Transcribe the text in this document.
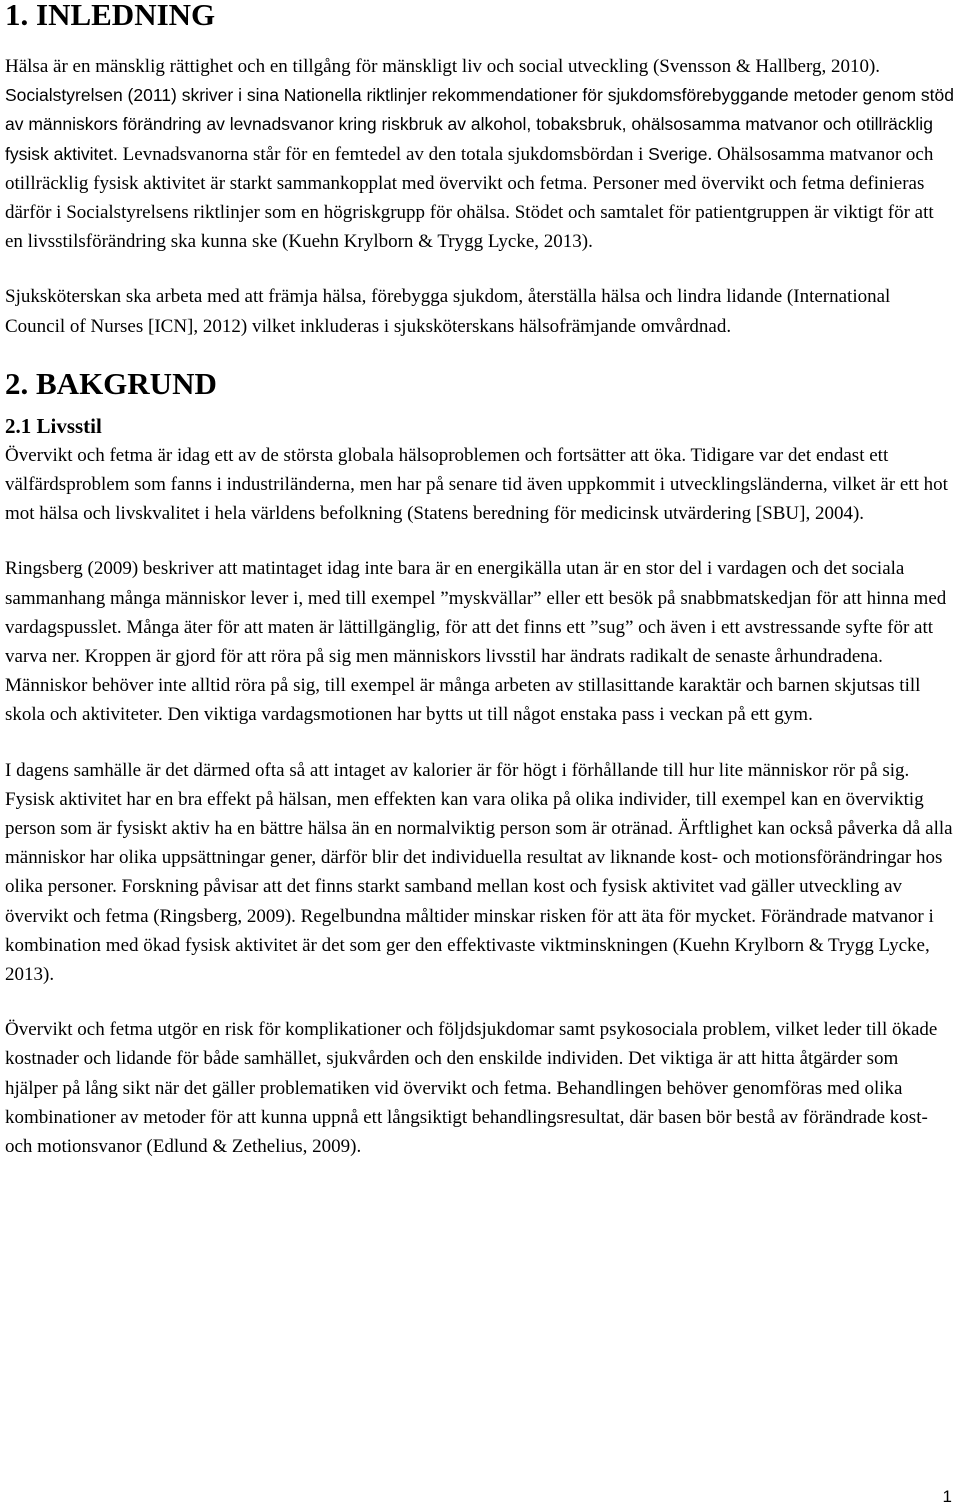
1. INLEDNING

Hälsa är en mänsklig rättighet och en tillgång för mänskligt liv och social utveckling (Svensson & Hallberg, 2010). Socialstyrelsen (2011) skriver i sina Nationella riktlinjer rekommendationer för sjukdomsförebyggande metoder genom stöd av människors förändring av levnadsvanor kring riskbruk av alkohol, tobaksbruk, ohälsosamma matvanor och otillräcklig fysisk aktivitet. Levnadsvanorna står för en femtedel av den totala sjukdomsbördan i Sverige. Ohälsosamma matvanor och otillräcklig fysisk aktivitet är starkt sammankopplat med övervikt och fetma. Personer med övervikt och fetma definieras därför i Socialstyrelsens riktlinjer som en högriskgrupp för ohälsa. Stödet och samtalet för patientgruppen är viktigt för att en livsstilsförändring ska kunna ske (Kuehn Krylborn & Trygg Lycke, 2013).

Sjuksköterskan ska arbeta med att främja hälsa, förebygga sjukdom, återställa hälsa och lindra lidande (International Council of Nurses [ICN], 2012) vilket inkluderas i sjuksköterskans hälsofrämjande omvårdnad.

2. BAKGRUND
2.1 Livsstil

Övervikt och fetma är idag ett av de största globala hälsoproblemen och fortsätter att öka. Tidigare var det endast ett välfärdsproblem som fanns i industriländerna, men har på senare tid även uppkommit i utvecklingsländerna, vilket är ett hot mot hälsa och livskvalitet i hela världens befolkning (Statens beredning för medicinsk utvärdering [SBU], 2004).

Ringsberg (2009) beskriver att matintaget idag inte bara är en energikälla utan är en stor del i vardagen och det sociala sammanhang många människor lever i, med till exempel ”myskvällar” eller ett besök på snabbmatskedjan för att hinna med vardagspusslet. Många äter för att maten är lättillgänglig, för att det finns ett ”sug” och även i ett avstressande syfte för att varva ner. Kroppen är gjord för att röra på sig men människors livsstil har ändrats radikalt de senaste århundradena. Människor behöver inte alltid röra på sig, till exempel är många arbeten av stillasittande karaktär och barnen skjutsas till skola och aktiviteter. Den viktiga vardagsmotionen har bytts ut till något enstaka pass i veckan på ett gym.

I dagens samhälle är det därmed ofta så att intaget av kalorier är för högt i förhållande till hur lite människor rör på sig. Fysisk aktivitet har en bra effekt på hälsan, men effekten kan vara olika på olika individer, till exempel kan en överviktig person som är fysiskt aktiv ha en bättre hälsa än en normalviktig person som är otränad. Ärftlighet kan också påverka då alla människor har olika uppsättningar gener, därför blir det individuella resultat av liknande kost- och motionsförändringar hos olika personer. Forskning påvisar att det finns starkt samband mellan kost och fysisk aktivitet vad gäller utveckling av övervikt och fetma (Ringsberg, 2009). Regelbundna måltider minskar risken för att äta för mycket. Förändrade matvanor i kombination med ökad fysisk aktivitet är det som ger den effektivaste viktminskningen (Kuehn Krylborn & Trygg Lycke, 2013).

Övervikt och fetma utgör en risk för komplikationer och följdsjukdomar samt psykosociala problem, vilket leder till ökade kostnader och lidande för både samhället, sjukvården och den enskilde individen. Det viktiga är att hitta åtgärder som hjälper på lång sikt när det gäller problematiken vid övervikt och fetma. Behandlingen behöver genomföras med olika kombinationer av metoder för att kunna uppnå ett långsiktigt behandlingsresultat, där basen bör bestå av förändrade kost- och motionsvanor (Edlund & Zethelius, 2009).

1
